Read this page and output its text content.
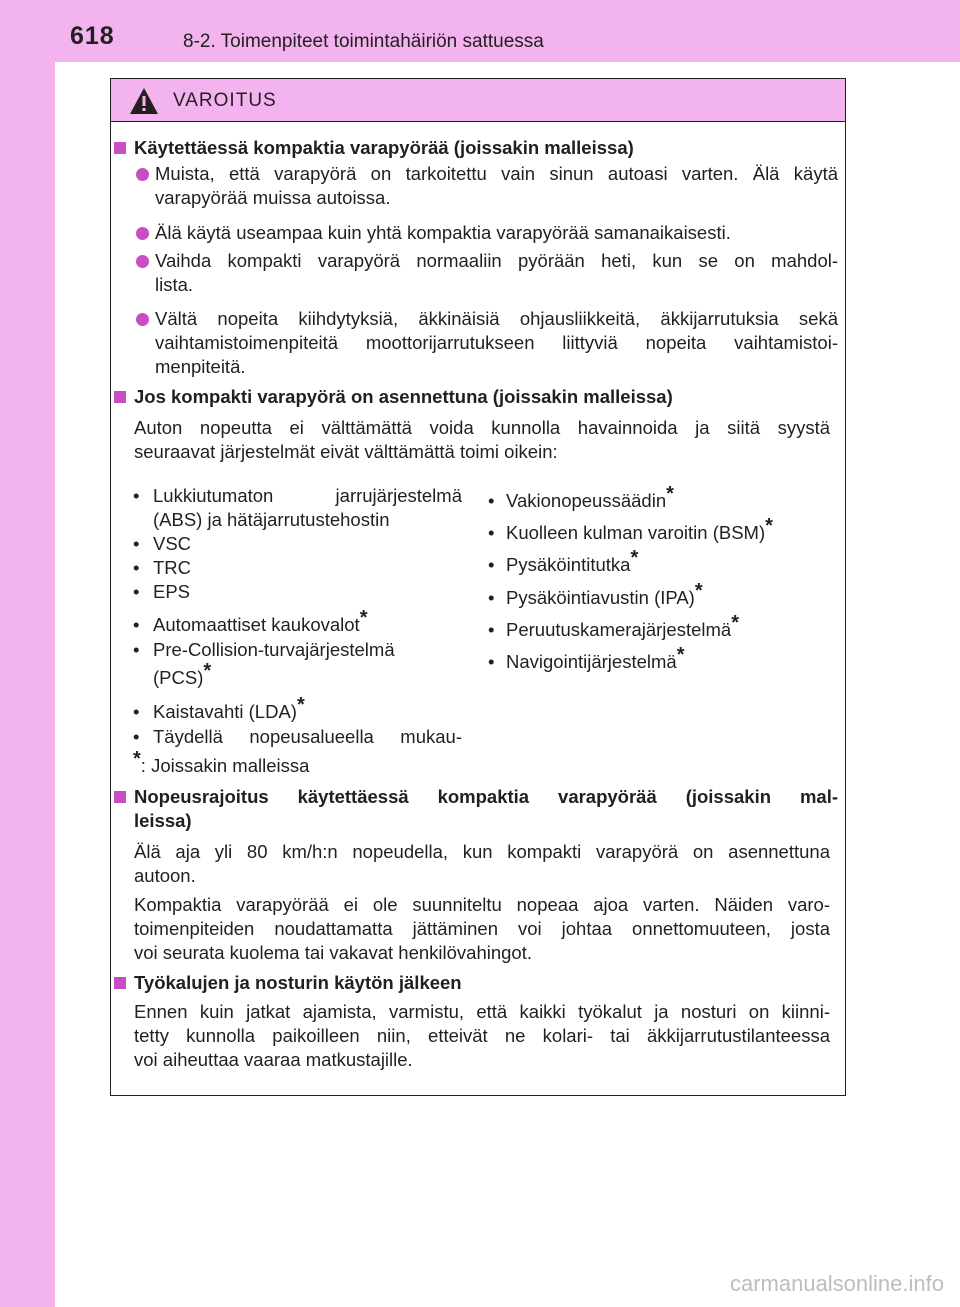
618	8-2. Toimenpiteet toimintahäiriön sattuessa
VAROITUS
Käytettäessä kompaktia varapyörää (joissakin malleissa)
Muista, että varapyörä on tarkoitettu vain sinun autoasi varten. Älä käytä
varapyörää muissa autoissa.
Älä käytä useampaa kuin yhtä kompaktia varapyörää samanaikaisesti.
Vaihda kompakti varapyörä normaaliin pyörään heti, kun se on mahdol-
lista.
Vältä nopeita kiihdytyksiä, äkkinäisiä ohjausliikkeitä, äkkijarrutuksia sekä
vaihtamistoimenpiteitä moottorijarrutukseen liittyviä nopeita vaihtamistoi-
menpiteitä.
Jos kompakti varapyörä on asennettuna (joissakin malleissa)
Auton nopeutta ei välttämättä voida kunnolla havainnoida ja siitä syystä
seuraavat järjestelmät eivät välttämättä toimi oikein:
• Lukkiutumaton jarrujärjestelmä
(ABS) ja hätäjarrutustehostin
• VSC
• TRC
• EPS
• Automaattiset kaukovalot*
• Pre-Collision-turvajärjestelmä
(PCS)*
• Kaistavahti (LDA)*
• Täydellä nopeusalueella mukau-
• Vakionopeussäädin*
• Kuolleen kulman varoitin (BSM)*
• Pysäköintitutka*
• Pysäköintiavustin (IPA)*
• Peruutuskamerajärjestelmä*
• Navigointijärjestelmä*
*: Joissakin malleissa
Nopeusrajoitus käytettäessä kompaktia varapyörää (joissakin mal-
leissa)
Älä aja yli 80 km/h:n nopeudella, kun kompakti varapyörä on asennettuna
autoon.
Kompaktia varapyörää ei ole suunniteltu nopeaa ajoa varten. Näiden varo-
toimenpiteiden noudattamatta jättäminen voi johtaa onnettomuuteen, josta
voi seurata kuolema tai vakavat henkilövahingot.
Työkalujen ja nosturin käytön jälkeen
Ennen kuin jatkat ajamista, varmistu, että kaikki työkalut ja nosturi on kiinni-
tetty kunnolla paikoilleen niin, etteivät ne kolari- tai äkkijarrutustilanteessa
voi aiheuttaa vaaraa matkustajille.
carmanualsonline.info
